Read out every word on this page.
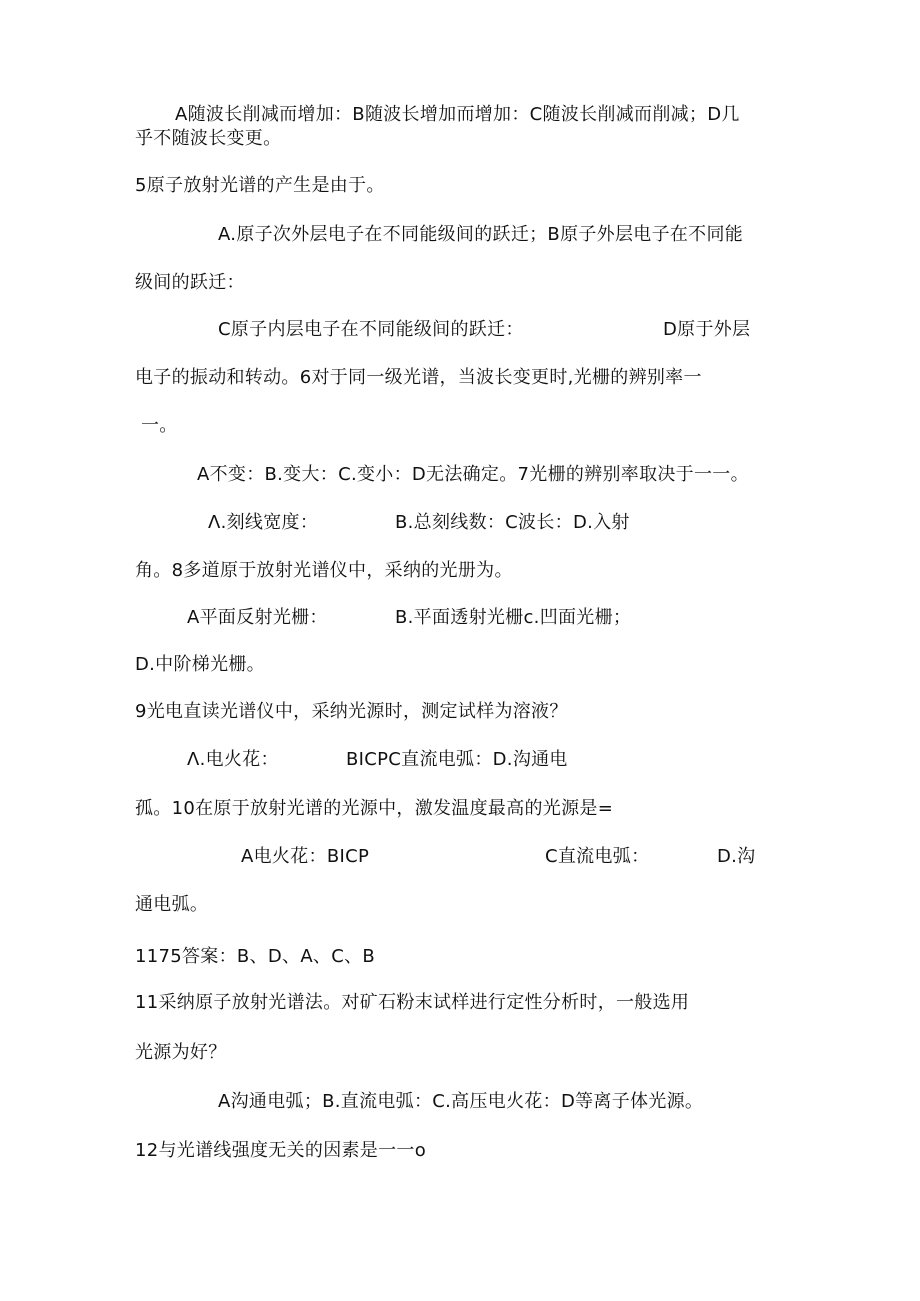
A随波长削减而增加：B随波长增加而增加：C随波长削减而削减；D几
乎不随波长变更。
5原子放射光谱的产生是由于。
A.原子次外层电子在不同能级间的跃迁；B原子外层电子在不同能
级间的跃迁：
C原子内层电子在不同能级间的跃迁：	D原于外层
电子的振动和转动。6对于同一级光谱，当波长变更时,光栅的辨别率一
一。
A不变：B.变大：C.变小：D无法确定。7光栅的辨别率取决于一一。
Λ.刻线宽度：	B.总刻线数：C波长：D.入射
角。8多道原于放射光谱仪中，采纳的光册为。
A平面反射光栅：	B.平面透射光栅c.凹面光栅；
D.中阶梯光栅。
9光电直读光谱仪中，采纳光源时，测定试样为溶液？
Λ.电火花：	BICPC直流电弧：D.沟通电
孤。10在原于放射光谱的光源中，激发温度最高的光源是=
A电火花：BICP	C直流电弧：	D.沟
通电弧。
1175答案：B、D、A、C、B
11采纳原子放射光谱法。对矿石粉末试样进行定性分析时，一般选用
光源为好？
A沟通电弧；B.直流电弧：C.高压电火花：D等离子体光源。
12与光谱线强度无关的因素是一一o
